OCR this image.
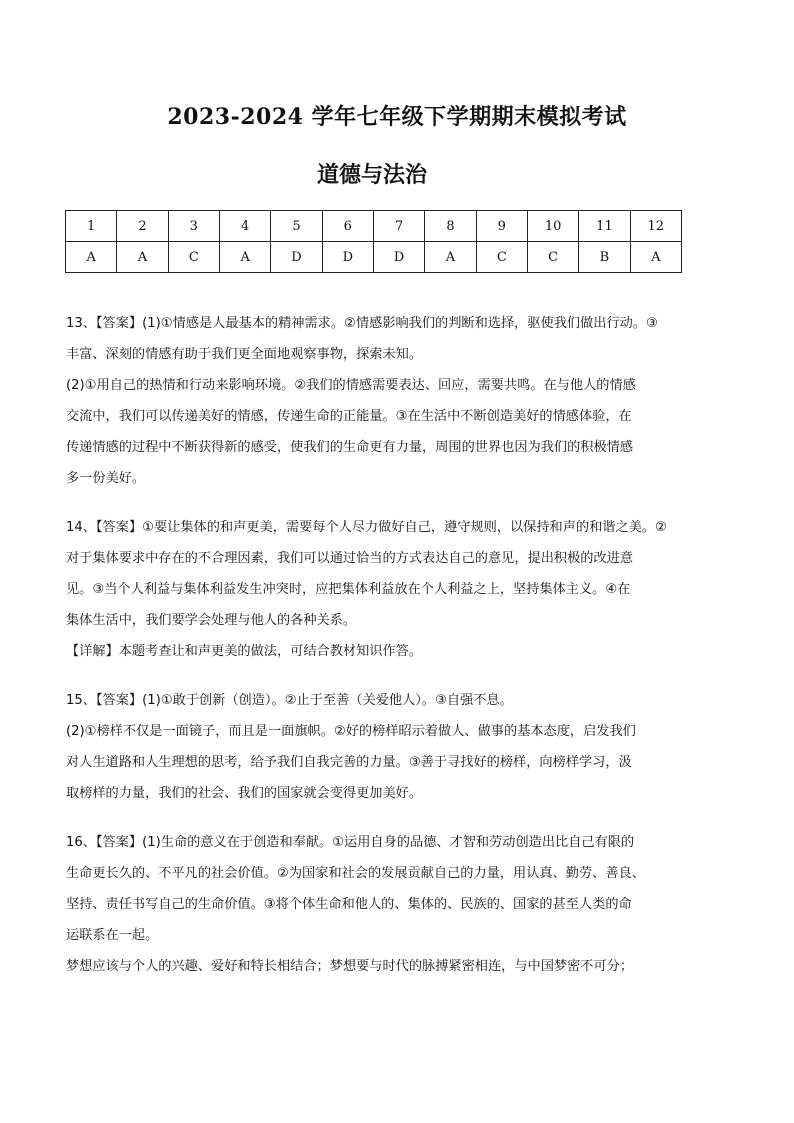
2023-2024 学年七年级下学期期末模拟考试
道德与法治
1	2	3	4	5	6	7	8	9	10	11	12
A	A	C	A	D	D	D	A	C	C	B	A
13、【答案】(1)①情感是人最基本的精神需求。②情感影响我们的判断和选择，驱使我们做出行动。③
丰富、深刻的情感有助于我们更全面地观察事物，探索未知。
(2)①用自己的热情和行动来影响环境。②我们的情感需要表达、回应，需要共鸣。在与他人的情感
交流中，我们可以传递美好的情感，传递生命的正能量。③在生活中不断创造美好的情感体验，在
传递情感的过程中不断获得新的感受，使我们的生命更有力量，周围的世界也因为我们的积极情感
多一份美好。
14、【答案】①要让集体的和声更美，需要每个人尽力做好自己，遵守规则，以保持和声的和谐之美。②
对于集体要求中存在的不合理因素，我们可以通过恰当的方式表达自己的意见，提出积极的改进意
见。③当个人利益与集体利益发生冲突时，应把集体利益放在个人利益之上，坚持集体主义。④在
集体生活中，我们要学会处理与他人的各种关系。
【详解】本题考查让和声更美的做法，可结合教材知识作答。
15、【答案】(1)①敢于创新（创造）。②止于至善（关爱他人）。③自强不息。
(2)①榜样不仅是一面镜子，而且是一面旗帜。②好的榜样昭示着做人、做事的基本态度，启发我们
对人生道路和人生理想的思考，给予我们自我完善的力量。③善于寻找好的榜样，向榜样学习，汲
取榜样的力量，我们的社会、我们的国家就会变得更加美好。
16、【答案】(1)生命的意义在于创造和奉献。①运用自身的品德、才智和劳动创造出比自己有限的
生命更长久的、不平凡的社会价值。②为国家和社会的发展贡献自己的力量，用认真、勤劳、善良、
坚持、责任书写自己的生命价值。③将个体生命和他人的、集体的、民族的、国家的甚至人类的命
运联系在一起。
梦想应该与个人的兴趣、爱好和特长相结合；梦想要与时代的脉搏紧密相连，与中国梦密不可分；
